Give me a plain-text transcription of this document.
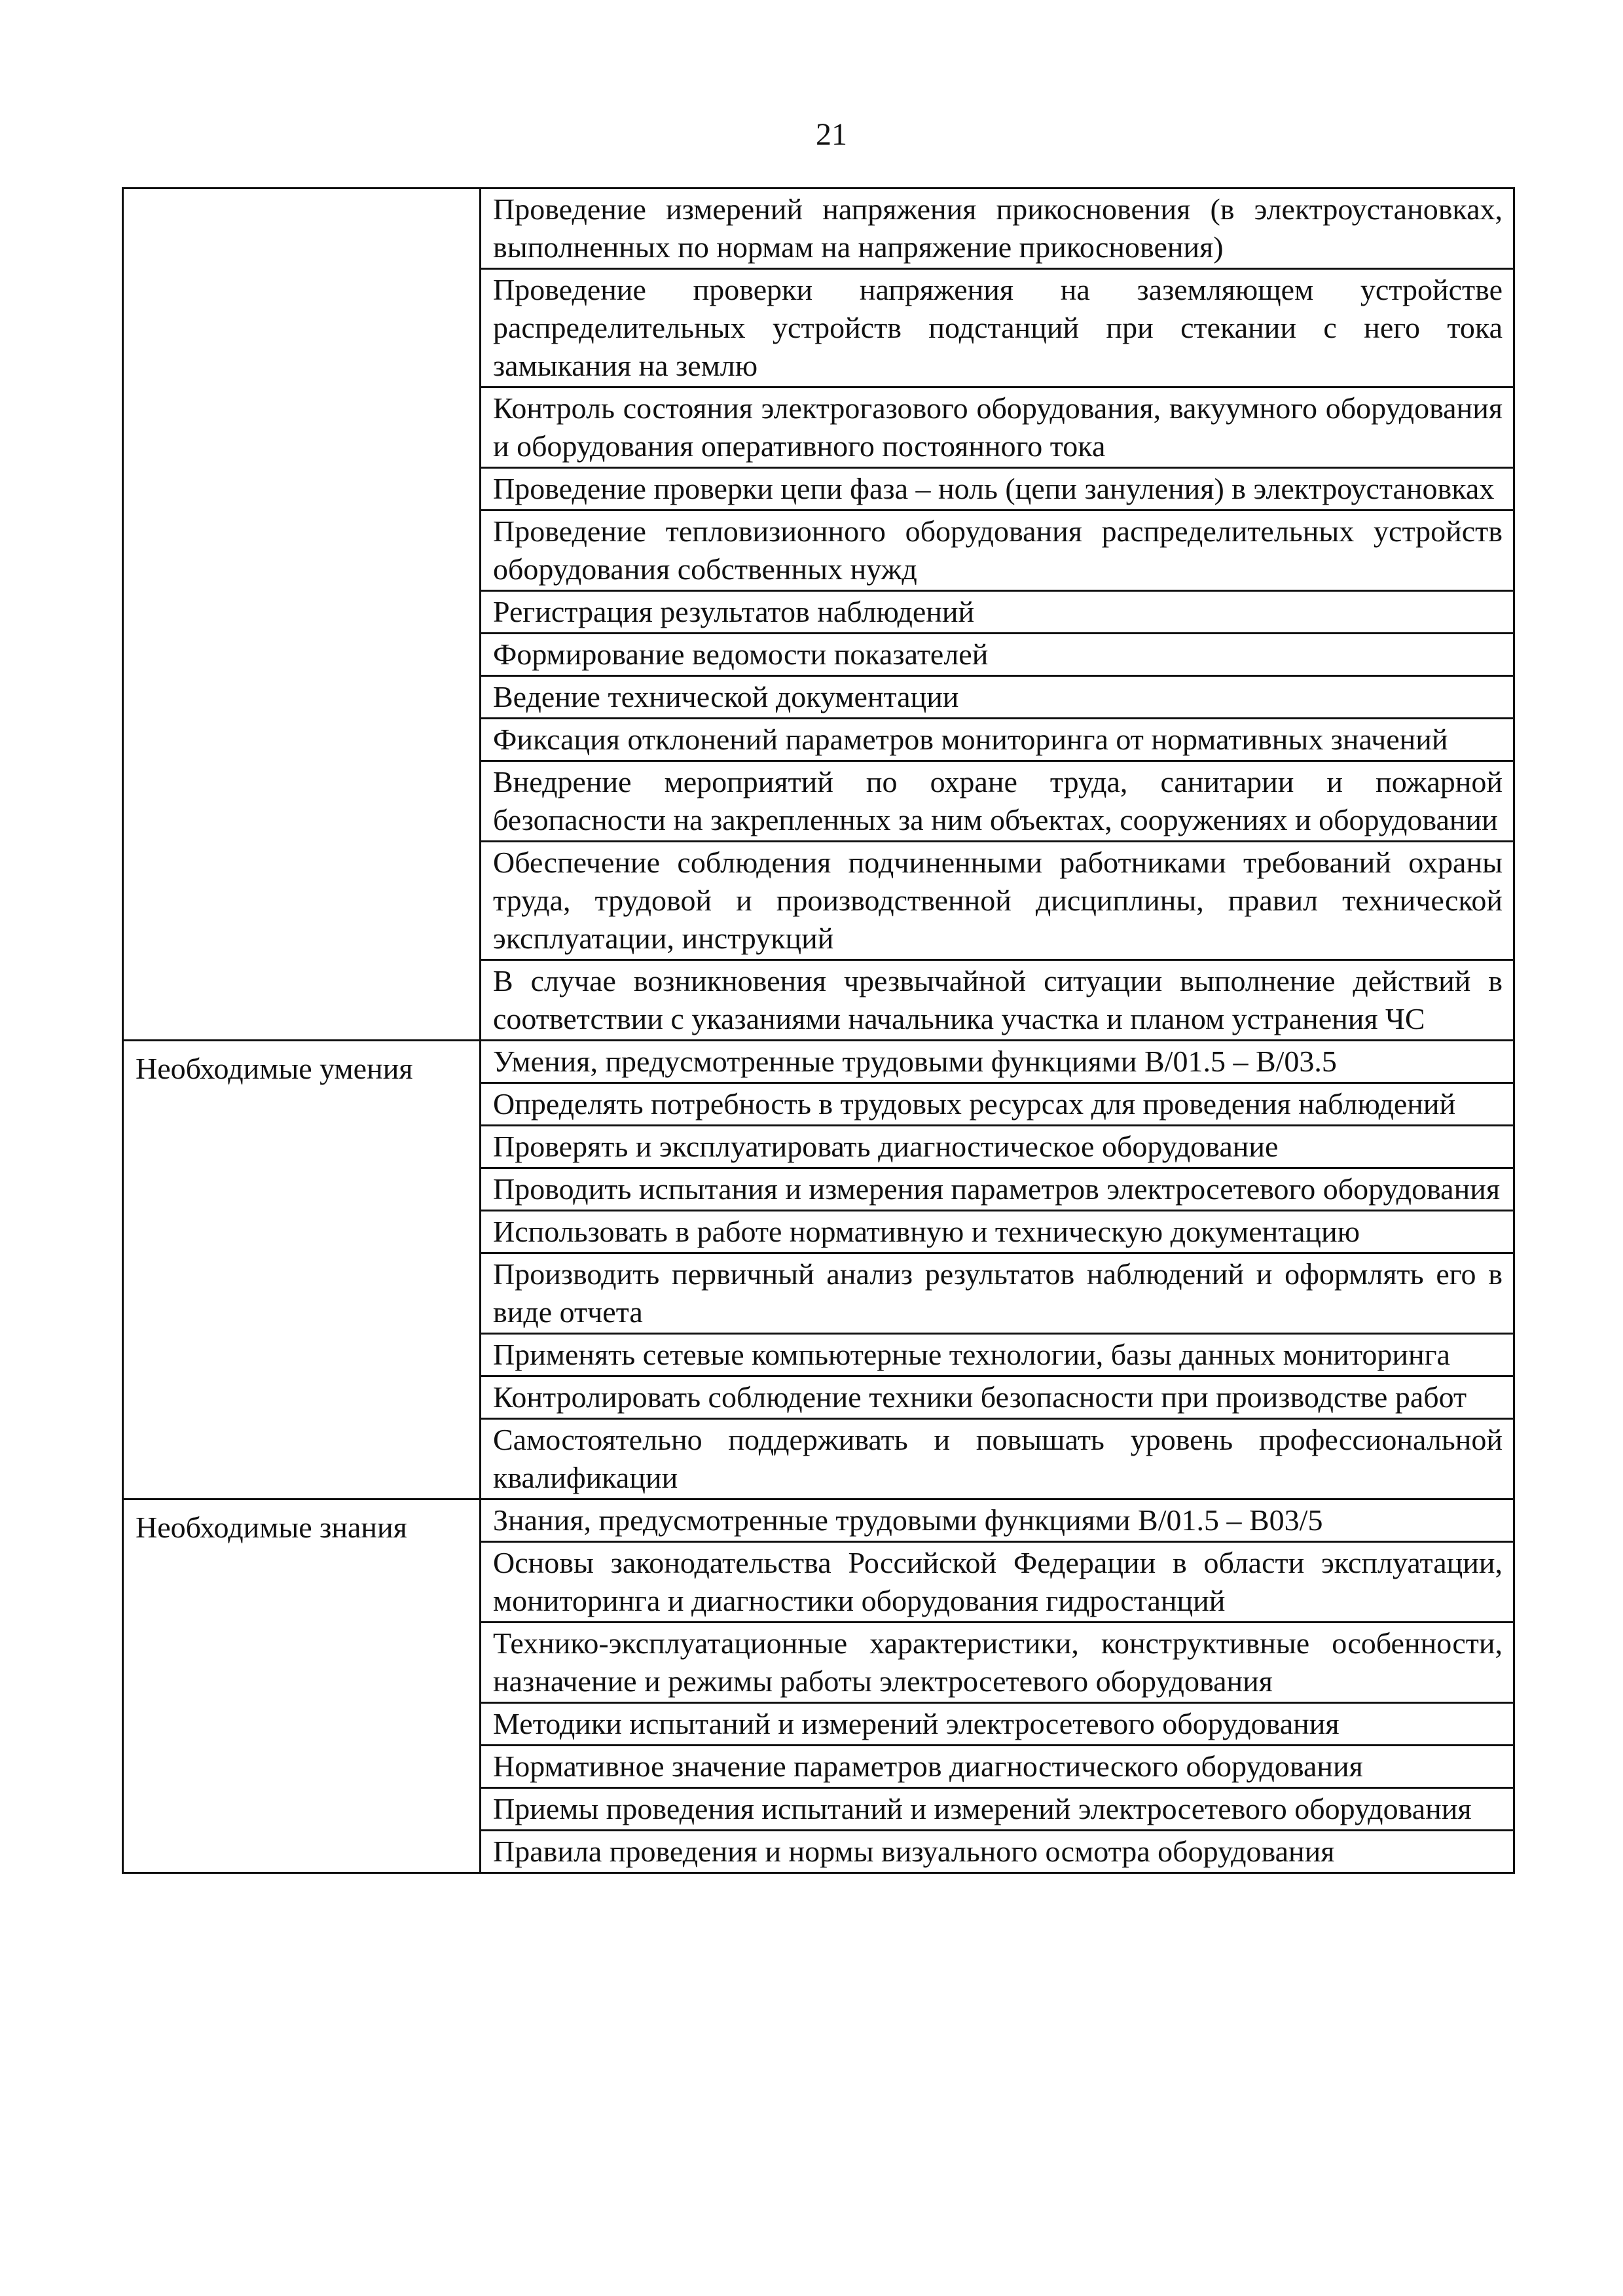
21
	Проведение измерений напряжения прикосновения (в электроустановках, выполненных по нормам на напряжение прикосновения)
	Проведение проверки напряжения на заземляющем устройстве распределительных устройств подстанций при стекании с него тока замыкания на землю
	Контроль состояния электрогазового оборудования, вакуумного оборудования и оборудования оперативного постоянного тока
	Проведение проверки цепи фаза – ноль (цепи зануления) в электроустановках
	Проведение тепловизионного оборудования распределительных устройств оборудования собственных нужд
	Регистрация результатов наблюдений
	Формирование ведомости показателей
	Ведение технической документации
	Фиксация отклонений параметров мониторинга от нормативных значений
	Внедрение мероприятий по охране труда, санитарии и пожарной безопасности на закрепленных за ним объектах, сооружениях и оборудовании
	Обеспечение соблюдения подчиненными работниками требований охраны труда, трудовой и производственной дисциплины, правил технической эксплуатации, инструкций
	В случае возникновения чрезвычайной ситуации выполнение действий в соответствии с указаниями начальника участка и планом устранения ЧС
Необходимые умения	Умения, предусмотренные трудовыми функциями В/01.5 – В/03.5
	Определять потребность в трудовых ресурсах для проведения наблюдений
	Проверять и эксплуатировать диагностическое оборудование
	Проводить испытания и измерения параметров электросетевого оборудования
	Использовать в работе нормативную и техническую документацию
	Производить первичный анализ результатов наблюдений и оформлять его в виде отчета
	Применять сетевые компьютерные технологии, базы данных мониторинга
	Контролировать соблюдение техники безопасности при производстве работ
	Самостоятельно поддерживать и повышать уровень профессиональной квалификации
Необходимые знания	Знания, предусмотренные трудовыми функциями В/01.5 – В03/5
	Основы законодательства Российской Федерации в области эксплуатации, мониторинга и диагностики оборудования гидростанций
	Технико-эксплуатационные характеристики, конструктивные особенности, назначение и режимы работы электросетевого оборудования
	Методики испытаний и измерений электросетевого оборудования
	Нормативное значение параметров диагностического оборудования
	Приемы проведения испытаний и измерений электросетевого оборудования
	Правила проведения и нормы визуального осмотра оборудования
